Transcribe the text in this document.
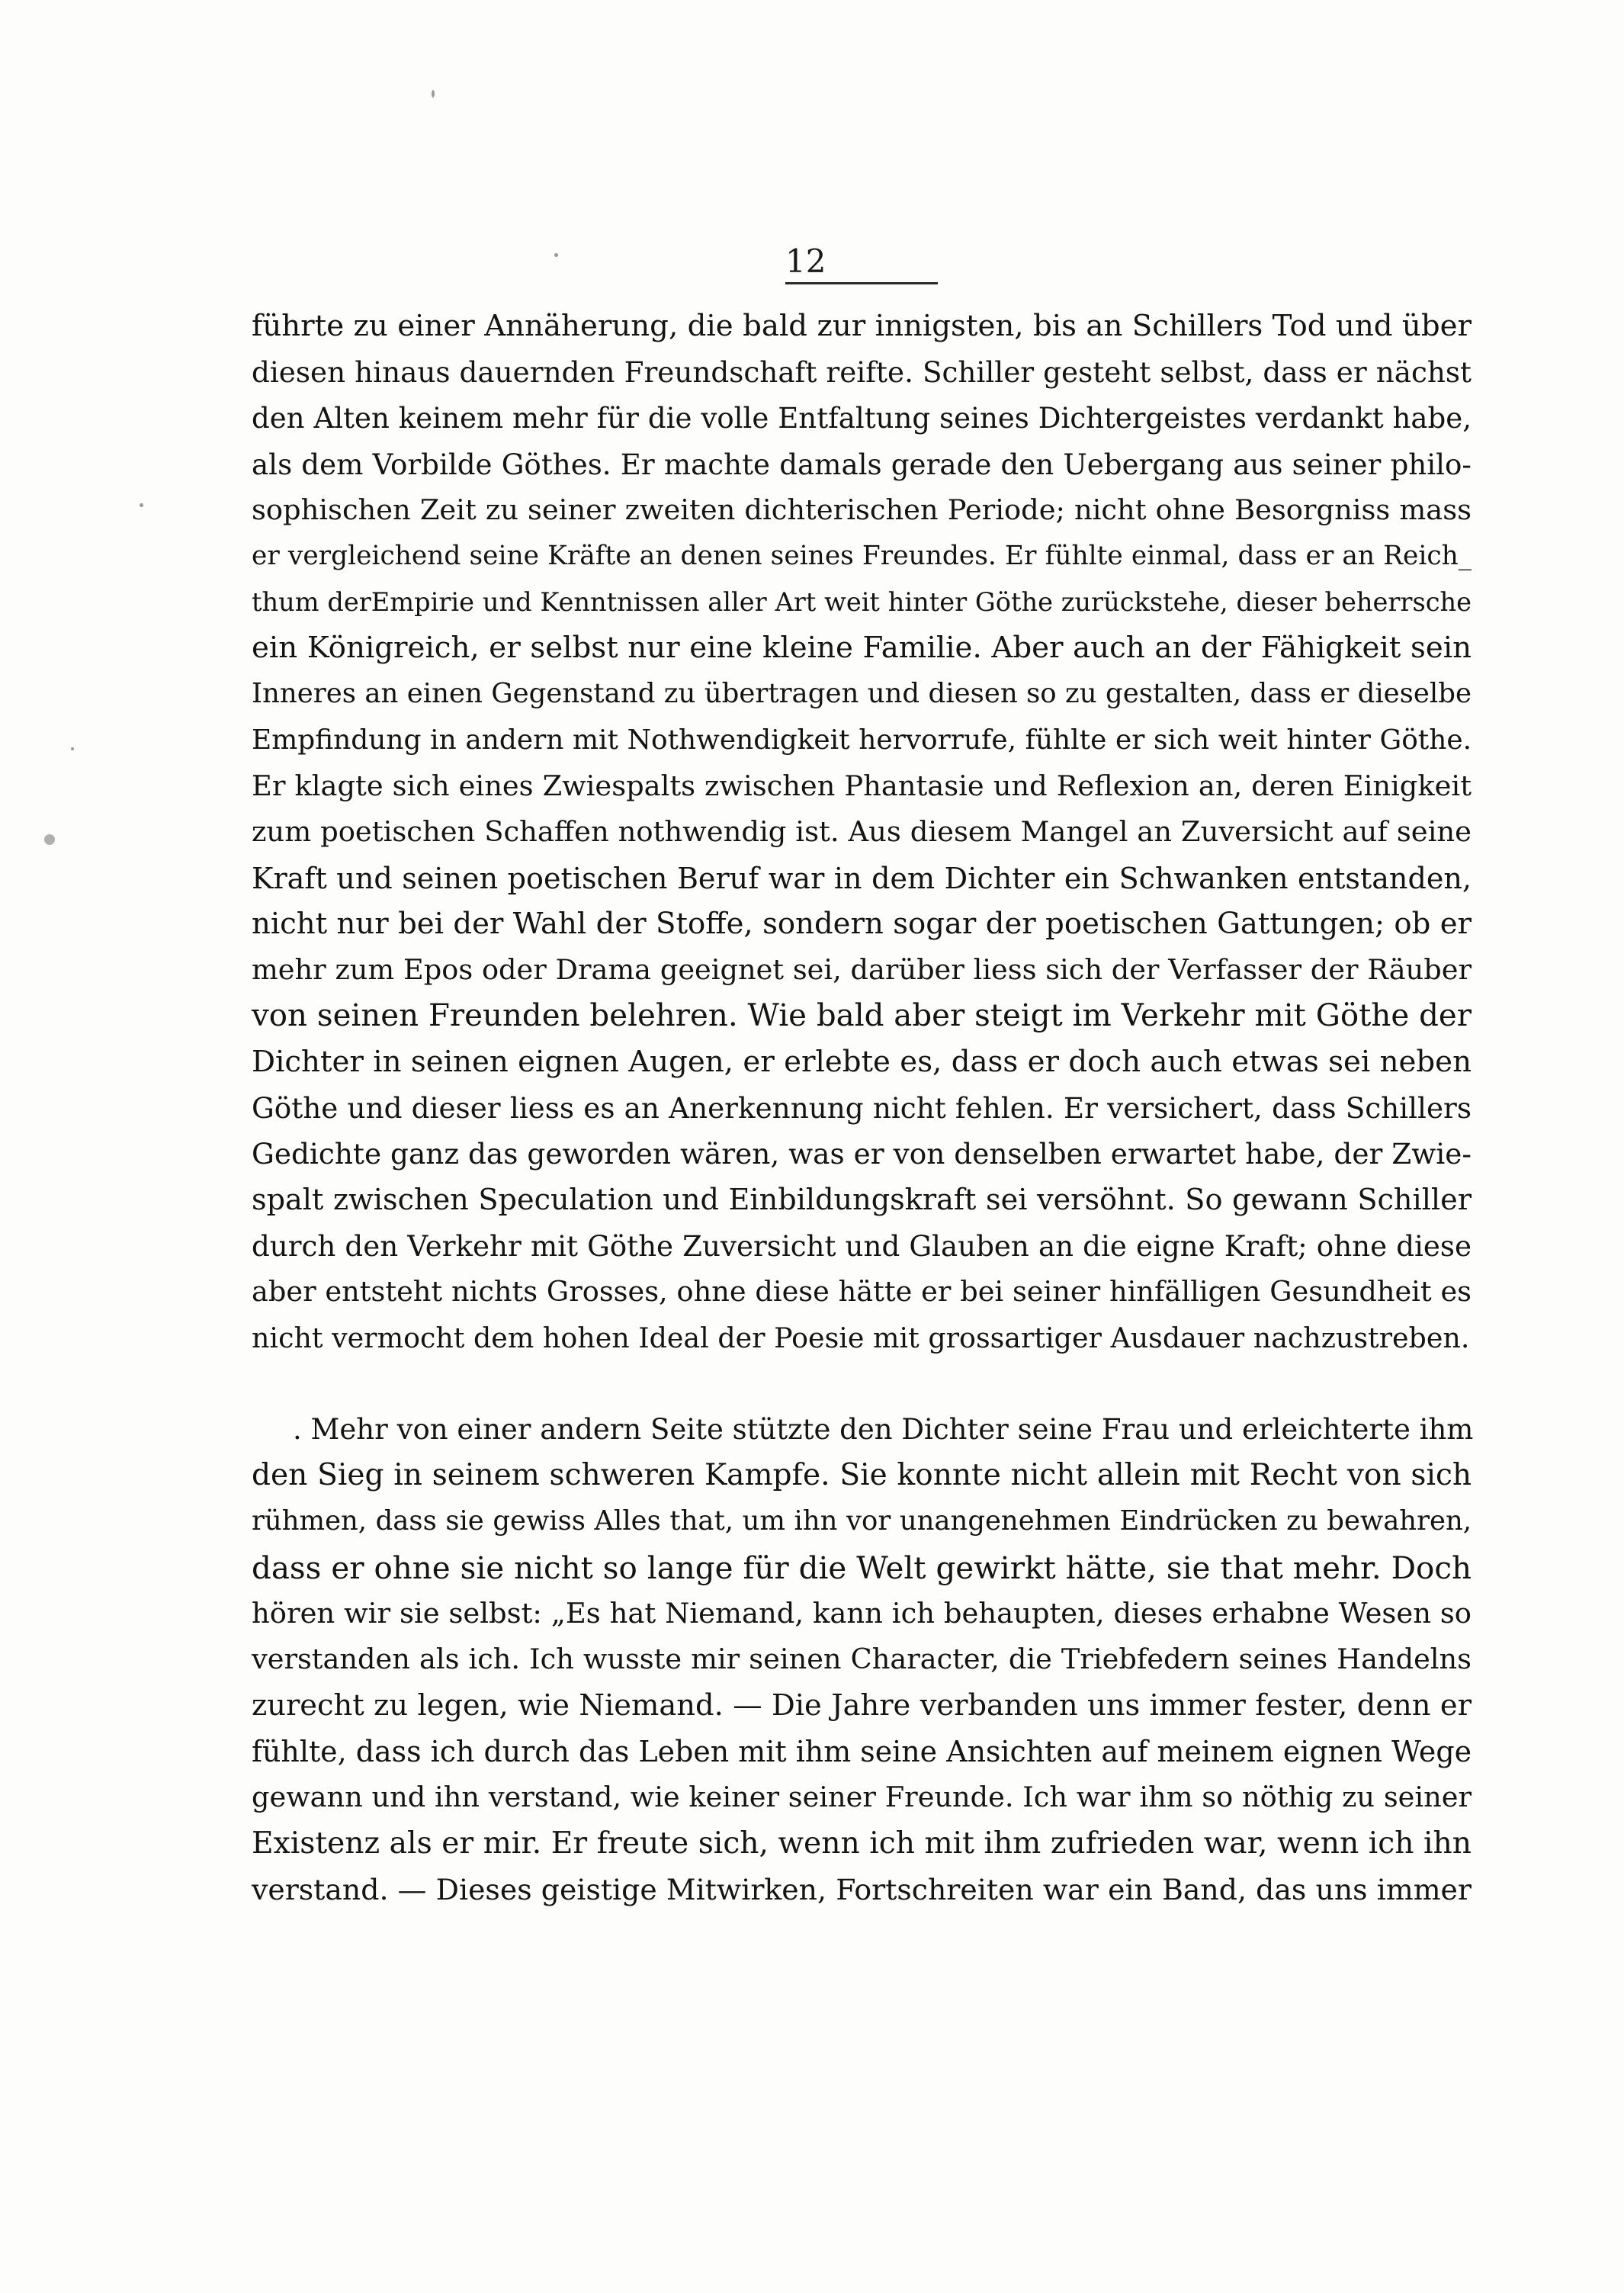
12
führte zu einer Annäherung, die bald zur innigsten, bis an Schillers Tod und über
diesen hinaus dauernden Freundschaft reifte. Schiller gesteht selbst, dass er nächst
den Alten keinem mehr für die volle Entfaltung seines Dichtergeistes verdankt habe,
als dem Vorbilde Göthes. Er machte damals gerade den Uebergang aus seiner philo-
sophischen Zeit zu seiner zweiten dichterischen Periode; nicht ohne Besorgniss mass
er vergleichend seine Kräfte an denen seines Freundes. Er fühlte einmal, dass er an Reich_
thum derEmpirie und Kenntnissen aller Art weit hinter Göthe zurückstehe, dieser beherrsche
ein Königreich, er selbst nur eine kleine Familie. Aber auch an der Fähigkeit sein
Inneres an einen Gegenstand zu übertragen und diesen so zu gestalten, dass er dieselbe
Empfindung in andern mit Nothwendigkeit hervorrufe, fühlte er sich weit hinter Göthe.
Er klagte sich eines Zwiespalts zwischen Phantasie und Reflexion an, deren Einigkeit
zum poetischen Schaffen nothwendig ist. Aus diesem Mangel an Zuversicht auf seine
Kraft und seinen poetischen Beruf war in dem Dichter ein Schwanken entstanden,
nicht nur bei der Wahl der Stoffe, sondern sogar der poetischen Gattungen; ob er
mehr zum Epos oder Drama geeignet sei, darüber liess sich der Verfasser der Räuber
von seinen Freunden belehren. Wie bald aber steigt im Verkehr mit Göthe der
Dichter in seinen eignen Augen, er erlebte es, dass er doch auch etwas sei neben
Göthe und dieser liess es an Anerkennung nicht fehlen. Er versichert, dass Schillers
Gedichte ganz das geworden wären, was er von denselben erwartet habe, der Zwie-
spalt zwischen Speculation und Einbildungskraft sei versöhnt. So gewann Schiller
durch den Verkehr mit Göthe Zuversicht und Glauben an die eigne Kraft; ohne diese
aber entsteht nichts Grosses, ohne diese hätte er bei seiner hinfälligen Gesundheit es
nicht vermocht dem hohen Ideal der Poesie mit grossartiger Ausdauer nachzustreben.
. Mehr von einer andern Seite stützte den Dichter seine Frau und erleichterte ihm
den Sieg in seinem schweren Kampfe. Sie konnte nicht allein mit Recht von sich
rühmen, dass sie gewiss Alles that, um ihn vor unangenehmen Eindrücken zu bewahren,
dass er ohne sie nicht so lange für die Welt gewirkt hätte, sie that mehr. Doch
hören wir sie selbst: „Es hat Niemand, kann ich behaupten, dieses erhabne Wesen so
verstanden als ich. Ich wusste mir seinen Character, die Triebfedern seines Handelns
zurecht zu legen, wie Niemand. — Die Jahre verbanden uns immer fester, denn er
fühlte, dass ich durch das Leben mit ihm seine Ansichten auf meinem eignen Wege
gewann und ihn verstand, wie keiner seiner Freunde. Ich war ihm so nöthig zu seiner
Existenz als er mir. Er freute sich, wenn ich mit ihm zufrieden war, wenn ich ihn
verstand. — Dieses geistige Mitwirken, Fortschreiten war ein Band, das uns immer
